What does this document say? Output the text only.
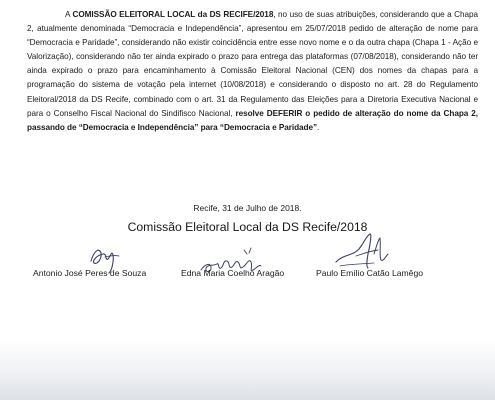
A COMISSÃO ELEITORAL LOCAL da DS RECIFE/2018, no uso de suas atribuições, considerando que a Chapa 2, atualmente denominada “Democracia e Independência”, apresentou em 25/07/2018 pedido de alteração de nome para “Democracia e Paridade”, considerando não existir coincidência entre esse novo nome e o da outra chapa (Chapa 1 - Ação e Valorização), considerando não ter ainda expirado o prazo para entrega das plataformas (07/08/2018), considerando não ter ainda expirado o prazo para encaminhamento à Comissão Eleitoral Nacional (CEN) dos nomes da chapas para a programação do sistema de votação pela internet (10/08/2018) e considerando o disposto no art. 28 do Regulamento Eleitoral/2018 da DS Recife, combinado com o art. 31 da Regulamento das Eleições para a Diretoria Executiva Nacional e para o Conselho Fiscal Nacional do Sindifisco Nacional, resolve DEFERIR o pedido de alteração do nome da Chapa 2, passando de “Democracia e Independência” para “Democracia e Paridade”.

Recife, 31 de Julho de 2018.

Comissão Eleitoral Local da DS Recife/2018

Antonio José Peres de Souza	Edna Maria Coelho Aragão	Paulo Emílio Catão Lamêgo
